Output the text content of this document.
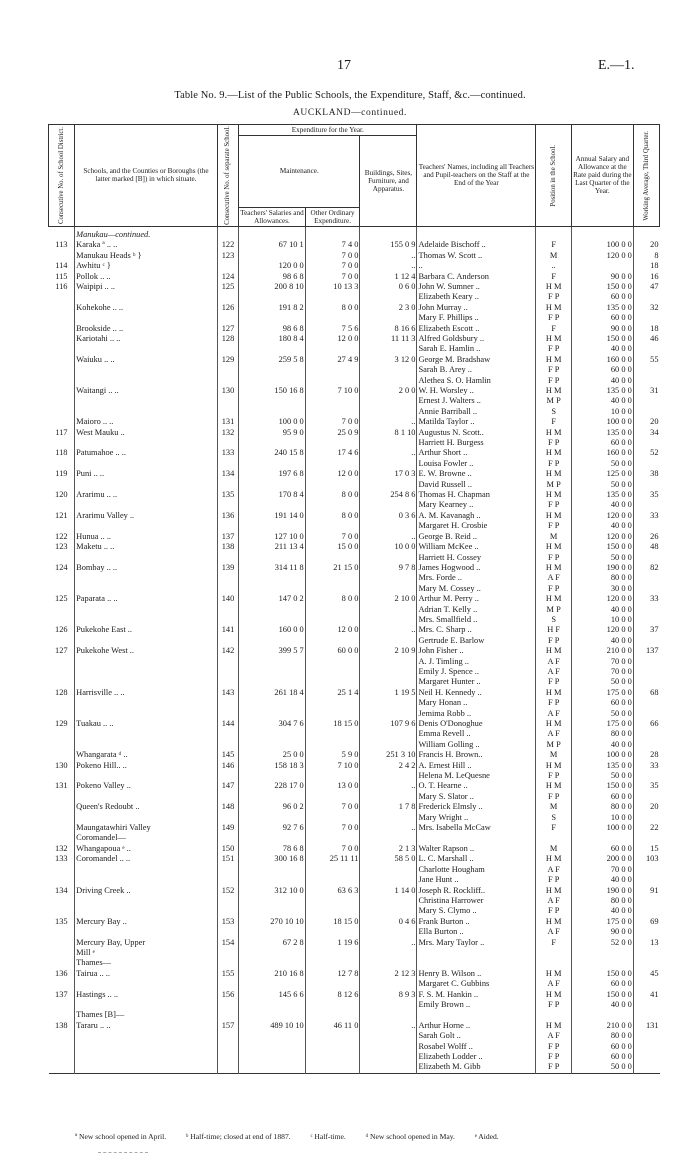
17	E.—1.
Table No. 9.—List of the Public Schools, the Expenditure, Staff, &c.—continued.
AUCKLAND—continued.
Consecutive No. of School District.	Schools, and the Counties or Boroughs (the latter marked [B]) in which situate.	Consecutive No. of separate School.	Expenditure for the Year.			Teachers' Names, including all Teachers and Pupil-teachers on the Staff at the End of the Year	Position in the School.	Annual Salary and Allowance at the Rate paid during the Last Quarter of the Year.	Working Average, Third Quarter.

			Maintenance.		Buildings, Sites, Furniture, and Apparatus.				
			Teachers' Salaries and Allowances.	Other Ordinary Expenditure.					
	Manukau—continued.								
113	Karaka ª .. ..	122	67 10 1	7 4 0	155 0 9	Adelaide Bischoff ..	F	100 0 0	20
	Manukau Heads ᵇ }	123		7 0 0	..	Thomas W. Scott ..	M	120 0 0	8
114	Awhitu ᶜ }		120 0 0	7 0 0	..	..	..		18
115	Pollok .. ..	124	98 6 8	7 0 0	1 12 4	Barbara C. Anderson	F	90 0 0	16
116	Waipipi .. ..	125	200 8 10	10 13 3	0 6 0	John W. Sumner ..	H M	150 0 0	47
						Elizabeth Keary ..	F P	60 0 0	
	Kohekohe .. ..	126	191 8 2	8 0 0	2 3 0	John Murray ..	H M	135 0 0	32
						Mary F. Phillips ..	F P	60 0 0	
	Brookside .. ..	127	98 6 8	7 5 6	8 16 6	Elizabeth Escott ..	F	90 0 0	18
	Kariotahi .. ..	128	180 8 4	12 0 0	11 11 3	Alfred Goldsbury ..	H M	150 0 0	46
						Sarah E. Hamlin ..	F P	40 0 0	
	Waiuku .. ..	129	259 5 8	27 4 9	3 12 0	George M. Bradshaw	H M	160 0 0	55
						Sarah B. Arey ..	F P	60 0 0	
						Alethea S. O. Hamlin	F P	40 0 0	
	Waitangi .. ..	130	150 16 8	7 10 0	2 0 0	W. H. Worsley ..	H M	135 0 0	31
						Ernest J. Walters ..	M P	40 0 0	
						Annie Barriball ..	S	10 0 0	
	Maioro .. ..	131	100 0 0	7 0 0	..	Matilda Taylor ..	F	100 0 0	20
117	West Mauku ..	132	95 9 0	25 0 9	8 1 10	Augustus N. Scott..	H M	135 0 0	34
						Harriett H. Burgess	F P	60 0 0	
118	Patumahoe .. ..	133	240 15 8	17 4 6	..	Arthur Short ..	H M	160 0 0	52
						Louisa Fowler ..	F P	50 0 0	
119	Puni .. ..	134	197 6 8	12 0 0	17 0 3	E. W. Browne ..	H M	125 0 0	38
						David Russell ..	M P	50 0 0	
120	Ararimu .. ..	135	170 8 4	8 0 0	254 8 6	Thomas H. Chapman	H M	135 0 0	35
						Mary Kearney ..	F P	40 0 0	
121	Ararimu Valley ..	136	191 14 0	8 0 0	0 3 6	A. M. Kavanagh ..	H M	120 0 0	33
						Margaret H. Crosbie	F P	40 0 0	
122	Hunua .. ..	137	127 10 0	7 0 0	..	George B. Reid ..	M	120 0 0	26
123	Maketu .. ..	138	211 13 4	15 0 0	10 0 0	William McKee ..	H M	150 0 0	48
						Harriett H. Cossey	F P	50 0 0	
124	Bombay .. ..	139	314 11 8	21 15 0	9 7 8	James Hogwood ..	H M	190 0 0	82
						Mrs. Forde ..	A F	80 0 0	
						Mary M. Cossey ..	F P	30 0 0	
125	Paparata .. ..	140	147 0 2	8 0 0	2 10 0	Arthur M. Perry ..	H M	120 0 0	33
						Adrian T. Kelly ..	M P	40 0 0	
						Mrs. Smallfield ..	S	10 0 0	
126	Pukekohe East ..	141	160 0 0	12 0 0	..	Mrs. C. Sharp ..	H F	120 0 0	37
						Gertrude E. Barlow	F P	40 0 0	
127	Pukekohe West ..	142	399 5 7	60 0 0	2 10 9	John Fisher ..	H M	210 0 0	137
						A. J. Timling ..	A F	70 0 0	
						Emily J. Spence ..	A F	70 0 0	
						Margaret Hunter ..	F P	50 0 0	
128	Harrisville .. ..	143	261 18 4	25 1 4	1 19 5	Neil H. Kennedy ..	H M	175 0 0	68
						Mary Honan ..	F P	60 0 0	
						Jemima Robb ..	A F	50 0 0	
129	Tuakau .. ..	144	304 7 6	18 15 0	107 9 6	Denis O'Donoghue	H M	175 0 0	66
						Emma Revell ..	A F	80 0 0	
						William Golling ..	M P	40 0 0	
	Whangarata ᵈ ..	145	25 0 0	5 9 0	251 3 10	Francis H. Brown..	M	100 0 0	28
130	Pokeno Hill.. ..	146	158 18 3	7 10 0	2 4 2	A. Ernest Hill ..	H M	135 0 0	33
						Helena M. LeQuesne	F P	50 0 0	
131	Pokeno Valley ..	147	228 17 0	13 0 0	..	O. T. Hearne ..	H M	150 0 0	35
						Mary S. Slator ..	F P	60 0 0	
	Queen's Redoubt ..	148	96 0 2	7 0 0	1 7 8	Frederick Elmsly ..	M	80 0 0	20
						Mary Wright ..	S	10 0 0	
	Maungatawhiri Valley	149	92 7 6	7 0 0	..	Mrs. Isabella McCaw	F	100 0 0	22
	Coromandel—								
132	Whangapoua ᵉ ..	150	78 6 8	7 0 0	2 1 3	Walter Rapson ..	M	60 0 0	15
133	Coromandel .. ..	151	300 16 8	25 11 11	58 5 0	L. C. Marshall ..	H M	200 0 0	103
						Charlotte Hougham	A F	70 0 0	
						Jane Hunt ..	F P	40 0 0	
134	Driving Creek ..	152	312 10 0	63 6 3	1 14 0	Joseph R. Rockliff..	H M	190 0 0	91
						Christina Harrower	A F	80 0 0	
						Mary S. Clymo ..	F P	40 0 0	
135	Mercury Bay ..	153	270 10 10	18 15 0	0 4 6	Frank Burton ..	H M	175 0 0	69
						Ella Burton ..	A F	90 0 0	
	Mercury Bay, Upper	154	67 2 8	1 19 6	..	Mrs. Mary Taylor ..	F	52 0 0	13
	Mill ᵉ								
	Thames—								
136	Tairua .. ..	155	210 16 8	12 7 8	2 12 3	Henry B. Wilson ..	H M	150 0 0	45
						Margaret C. Gubbins	A F	60 0 0	
137	Hastings .. ..	156	145 6 6	8 12 6	8 9 3	F. S. M. Hankin ..	H M	150 0 0	41
						Emily Brown ..	F P	40 0 0	
	Thames [B]—								
138	Tararu .. ..	157	489 10 10	46 11 0	..	Arthur Horne ..	H M	210 0 0	131
						Sarah Golt ..	A F	80 0 0	
						Rosabel Wolff ..	F P	60 0 0	
						Elizabeth Lodder ..	F P	60 0 0	
						Elizabeth M. Gibb	F P	50 0 0	
ª New school opened in April.	ᵇ Half-time; closed at end of 1887.	ᶜ Half-time.	ᵈ New school opened in May.	ᵉ Aided.
